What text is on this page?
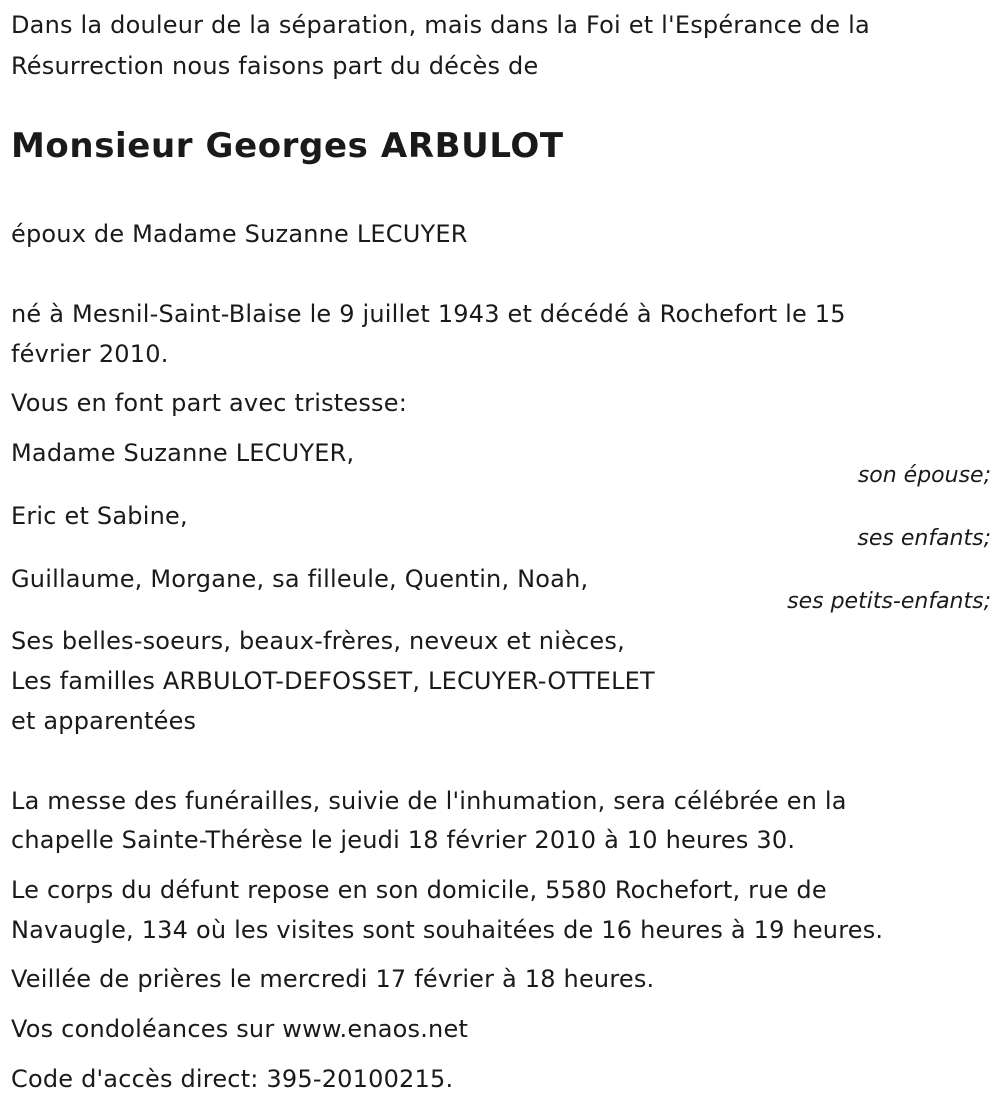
Dans la douleur de la séparation, mais dans la Foi et l'Espérance de la

Résurrection nous faisons part du décès de

Monsieur Georges ARBULOT

époux de Madame Suzanne LECUYER

né à Mesnil-Saint-Blaise le 9 juillet 1943 et décédé à Rochefort le 15

février 2010.

Vous en font part avec tristesse:

Madame Suzanne LECUYER,

son épouse;

Eric et Sabine,

ses enfants;

Guillaume, Morgane, sa filleule, Quentin, Noah,

ses petits-enfants;

Ses belles-soeurs, beaux-frères, neveux et nièces,

Les familles ARBULOT-DEFOSSET, LECUYER-OTTELET

et apparentées

La messe des funérailles, suivie de l'inhumation, sera célébrée en la

chapelle Sainte-Thérèse le jeudi 18 février 2010 à 10 heures 30.

Le corps du défunt repose en son domicile, 5580 Rochefort, rue de

Navaugle, 134 où les visites sont souhaitées de 16 heures à 19 heures.

Veillée de prières le mercredi 17 février à 18 heures.

Vos condoléances sur www.enaos.net

Code d'accès direct: 395-20100215.
